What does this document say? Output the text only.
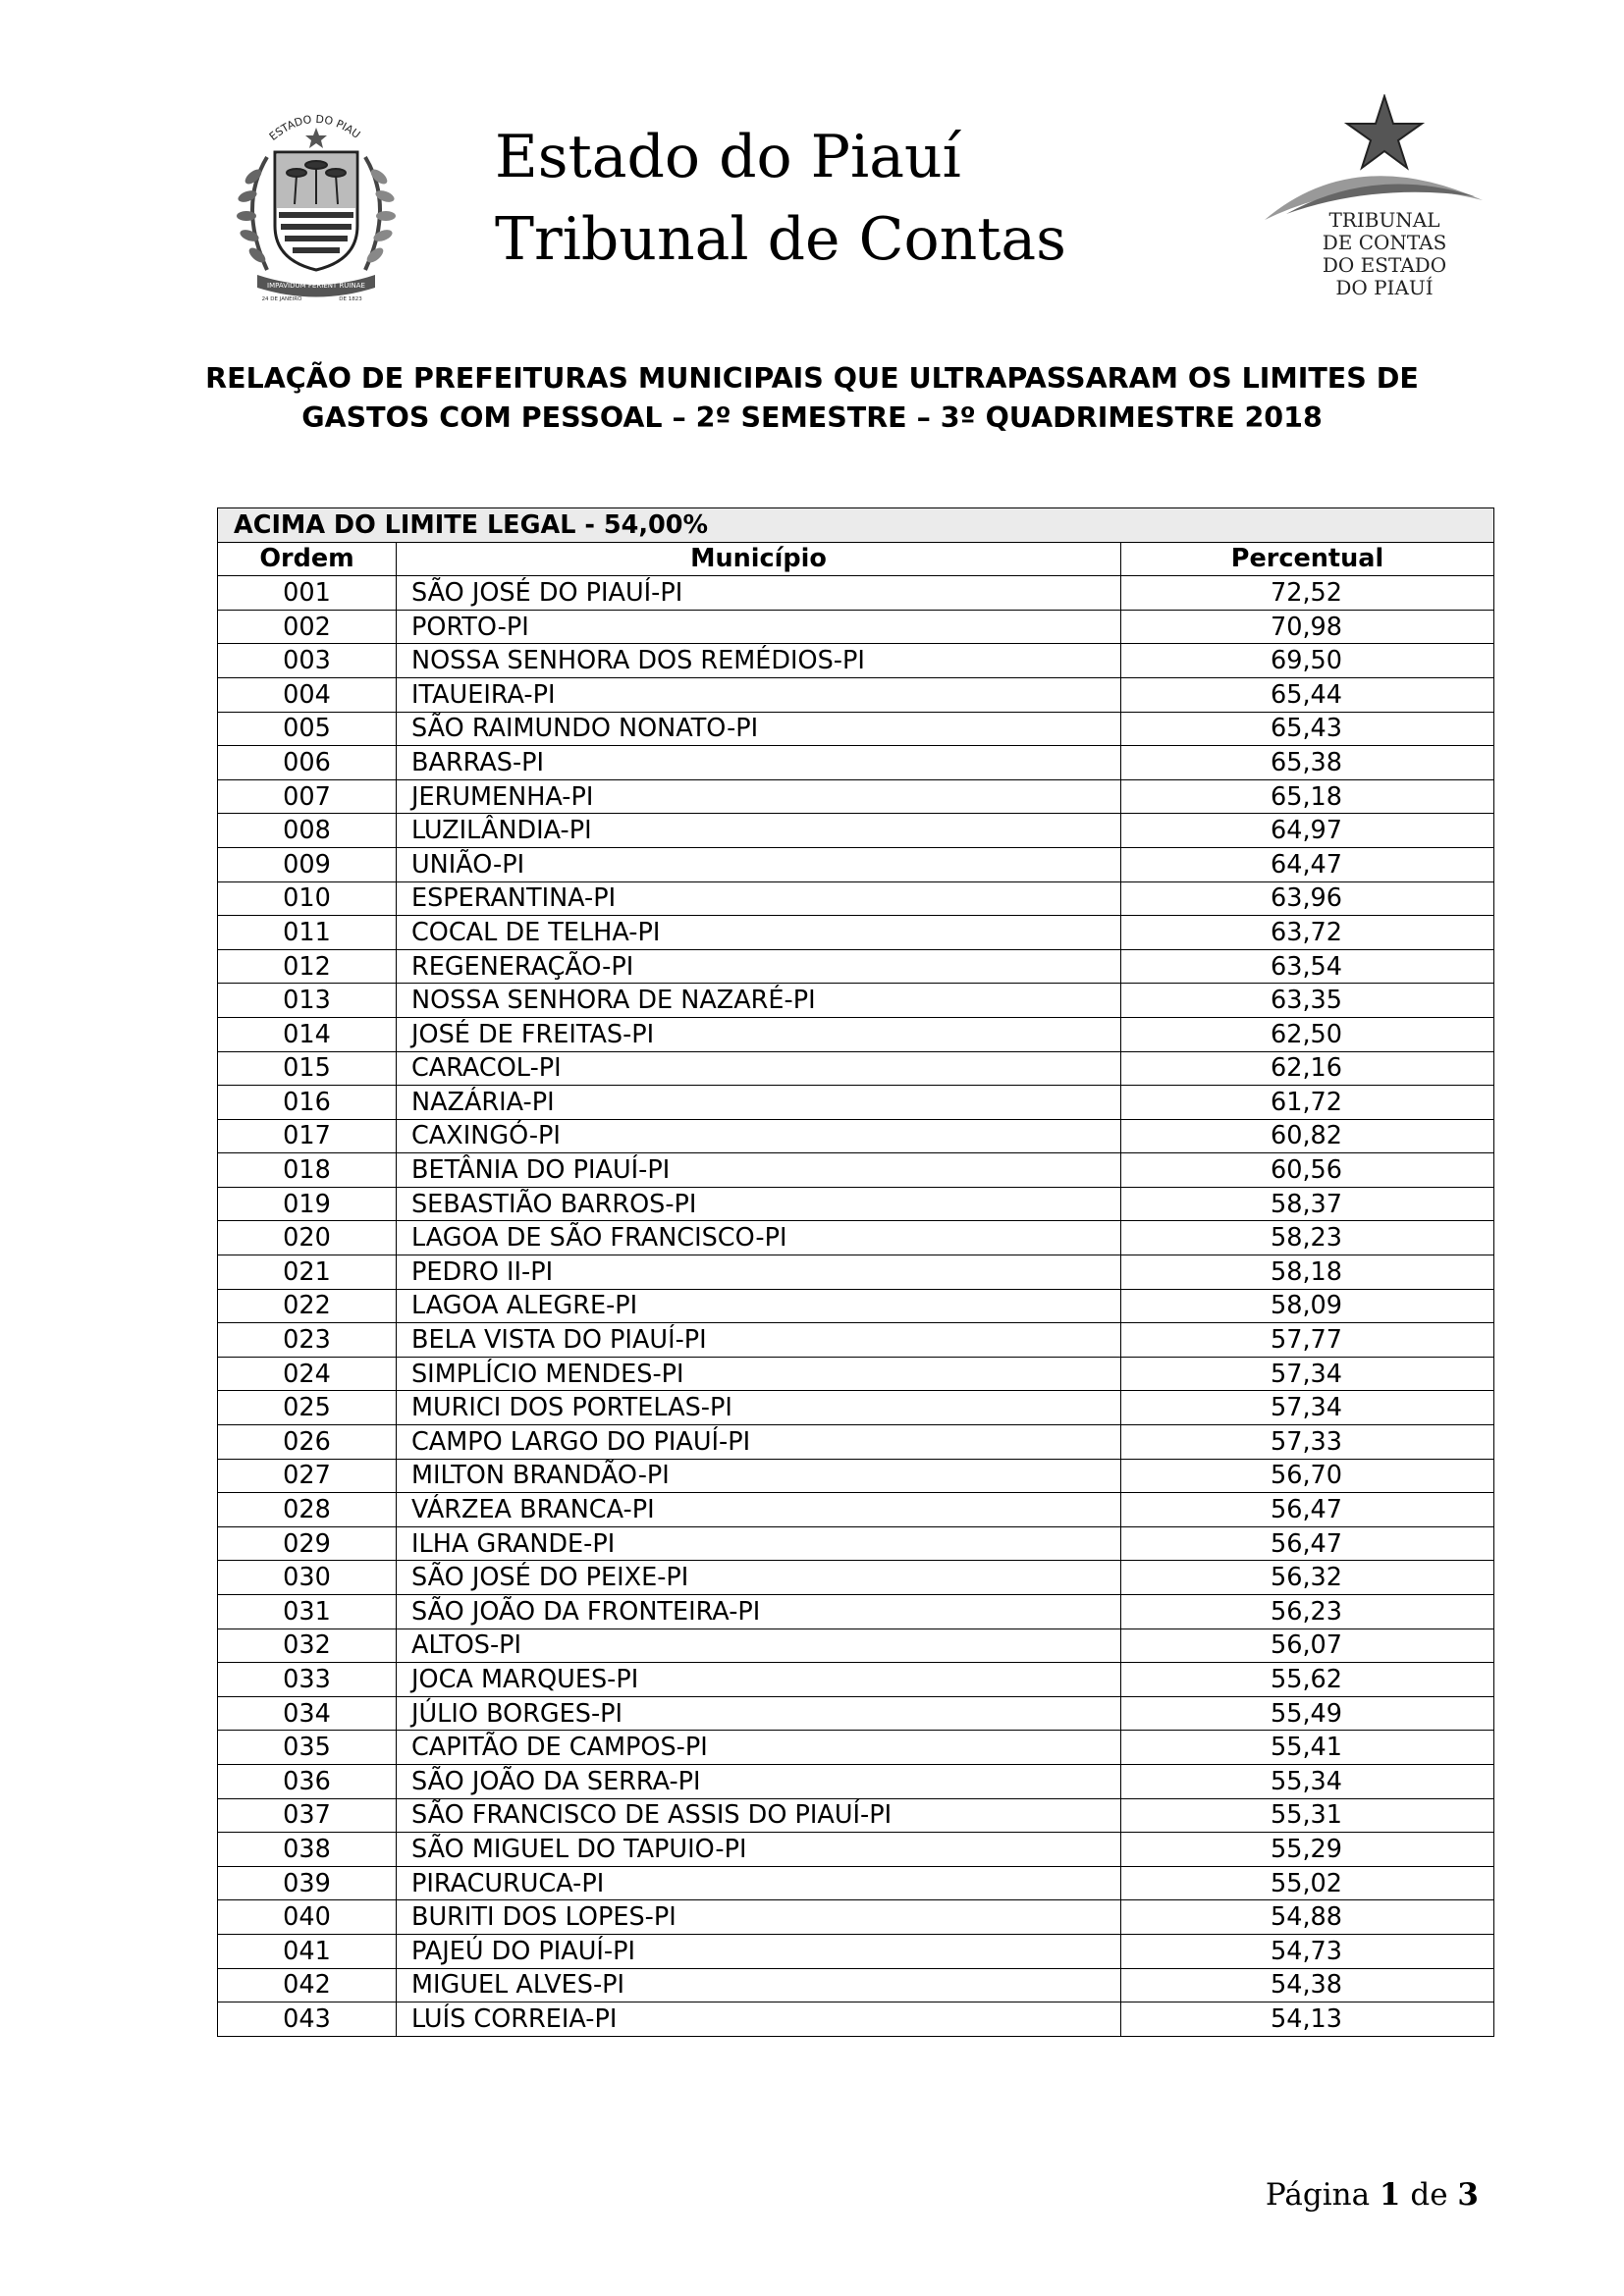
ESTADO DO PIAU
IMPAVIDUM FERIENT RUINAE
24 DE JANEIRO	DE 1823
Estado do Piauí
Tribunal de Contas	TRIBUNAL
DE CONTAS
DO ESTADO
DO PIAUÍ
RELAÇÃO DE PREFEITURAS MUNICIPAIS QUE ULTRAPASSARAM OS LIMITES DE
GASTOS COM PESSOAL – 2º SEMESTRE – 3º QUADRIMESTRE 2018
ACIMA DO LIMITE LEGAL - 54,00%		
Ordem	Município	Percentual
001	SÃO JOSÉ DO PIAUÍ-PI	72,52
002	PORTO-PI	70,98
003	NOSSA SENHORA DOS REMÉDIOS-PI	69,50
004	ITAUEIRA-PI	65,44
005	SÃO RAIMUNDO NONATO-PI	65,43
006	BARRAS-PI	65,38
007	JERUMENHA-PI	65,18
008	LUZILÂNDIA-PI	64,97
009	UNIÃO-PI	64,47
010	ESPERANTINA-PI	63,96
011	COCAL DE TELHA-PI	63,72
012	REGENERAÇÃO-PI	63,54
013	NOSSA SENHORA DE NAZARÉ-PI	63,35
014	JOSÉ DE FREITAS-PI	62,50
015	CARACOL-PI	62,16
016	NAZÁRIA-PI	61,72
017	CAXINGÓ-PI	60,82
018	BETÂNIA DO PIAUÍ-PI	60,56
019	SEBASTIÃO BARROS-PI	58,37
020	LAGOA DE SÃO FRANCISCO-PI	58,23
021	PEDRO II-PI	58,18
022	LAGOA ALEGRE-PI	58,09
023	BELA VISTA DO PIAUÍ-PI	57,77
024	SIMPLÍCIO MENDES-PI	57,34
025	MURICI DOS PORTELAS-PI	57,34
026	CAMPO LARGO DO PIAUÍ-PI	57,33
027	MILTON BRANDÃO-PI	56,70
028	VÁRZEA BRANCA-PI	56,47
029	ILHA GRANDE-PI	56,47
030	SÃO JOSÉ DO PEIXE-PI	56,32
031	SÃO JOÃO DA FRONTEIRA-PI	56,23
032	ALTOS-PI	56,07
033	JOCA MARQUES-PI	55,62
034	JÚLIO BORGES-PI	55,49
035	CAPITÃO DE CAMPOS-PI	55,41
036	SÃO JOÃO DA SERRA-PI	55,34
037	SÃO FRANCISCO DE ASSIS DO PIAUÍ-PI	55,31
038	SÃO MIGUEL DO TAPUIO-PI	55,29
039	PIRACURUCA-PI	55,02
040	BURITI DOS LOPES-PI	54,88
041	PAJEÚ DO PIAUÍ-PI	54,73
042	MIGUEL ALVES-PI	54,38
043	LUÍS CORREIA-PI	54,13
Página 1 de 3
